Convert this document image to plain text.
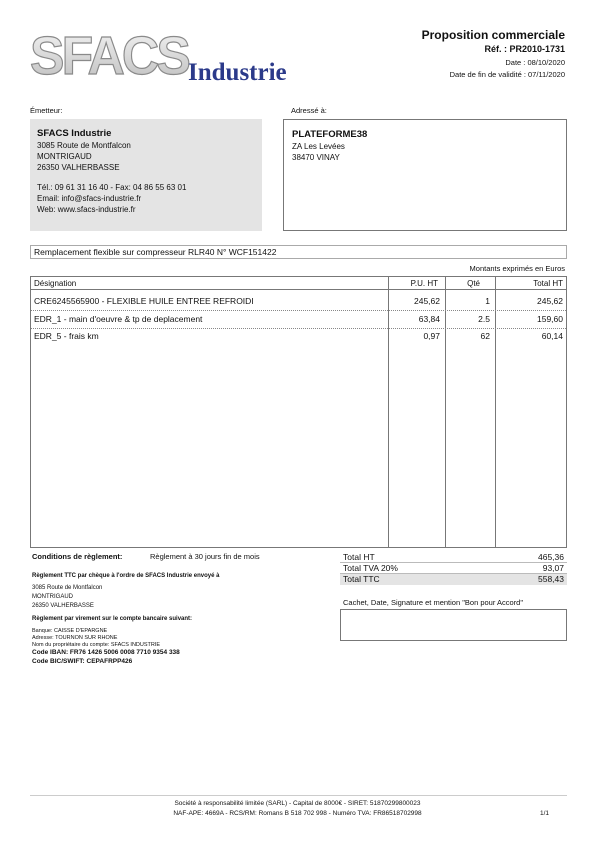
SFACS Industrie
Proposition commerciale
Réf. : PR2010-1731
Date : 08/10/2020
Date de fin de validité : 07/11/2020
Émetteur:
SFACS Industrie
3085 Route de Montfalcon
MONTRIGAUD
26350 VALHERBASSE
Tél.: 09 61 31 16 40 - Fax: 04 86 55 63 01
Email: info@sfacs-industrie.fr
Web: www.sfacs-industrie.fr
Adressé à:
PLATEFORME38
ZA Les Levées
38470 VINAY
Remplacement flexible sur compresseur RLR40 N° WCF151422
Montants exprimés en Euros
Désignation	P.U. HT	Qté	Total HT
CRE6245565900 - FLEXIBLE HUILE ENTREE REFROIDI	245,62	1	245,62
EDR_1 - main d'oeuvre & tp de deplacement	63,84	2.5	159,60
EDR_5 - frais km	0,97	62	60,14
Conditions de règlement:	Règlement à 30 jours fin de mois
Règlement TTC par chèque à l'ordre de SFACS Industrie envoyé à
3085 Route de Montfalcon
MONTRIGAUD
26350 VALHERBASSE
Règlement par virement sur le compte bancaire suivant:
Banque: CAISSE D'EPARGNE
Adresse: TOURNON SUR RHONE
Nom du propriétaire du compte: SFACS INDUSTRIE
Code IBAN: FR76 1426 5006 0008 7710 9354 338
Code BIC/SWIFT: CEPAFRPP426
Total HT	465,36
Total TVA 20%	93,07
Total TTC	558,43
Cachet, Date, Signature et mention "Bon pour Accord"
Société à responsabilité limitée (SARL) - Capital de 8000€ - SIRET: 51870299800023
NAF-APE: 4669A - RCS/RM: Romans B 518 702 998 - Numéro TVA: FR86518702998	1/1
